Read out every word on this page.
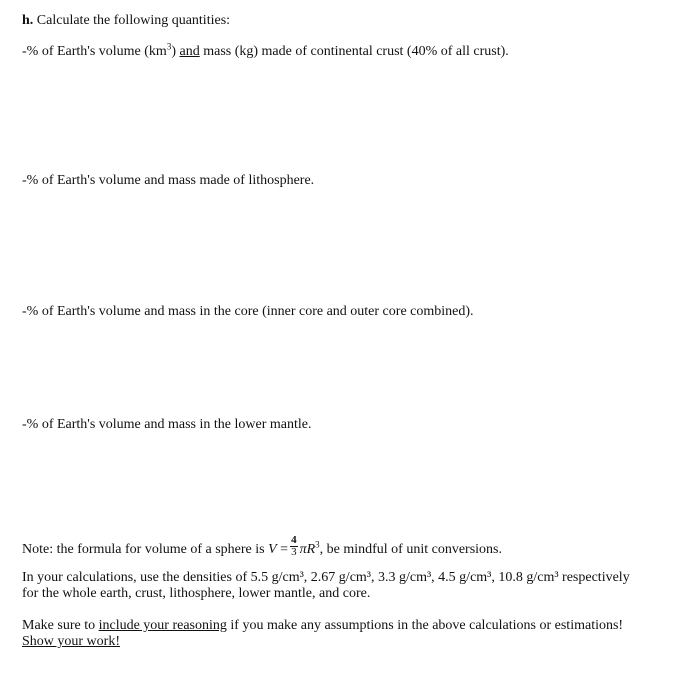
h. Calculate the following quantities:
-% of Earth's volume $(km^3)$ and mass (kg) made of continental crust (40% of all crust).
-% of Earth's volume and mass made of lithosphere.
-% of Earth's volume and mass in the core (inner core and outer core combined).
-% of Earth's volume and mass in the lower mantle.
Note: the formula for volume of a sphere is $V = \frac{4}{3} \pi R^3$, be mindful of unit conversions.
In your calculations, use the densities of 5.5 g/cm³, 2.67 g/cm³, 3.3 g/cm³, 4.5 g/cm³, 10.8 g/cm³ respectively
for the whole earth, crust, lithosphere, lower mantle, and core.
Make sure to include your reasoning if you make any assumptions in the above calculations or estimations!
Show your work!
